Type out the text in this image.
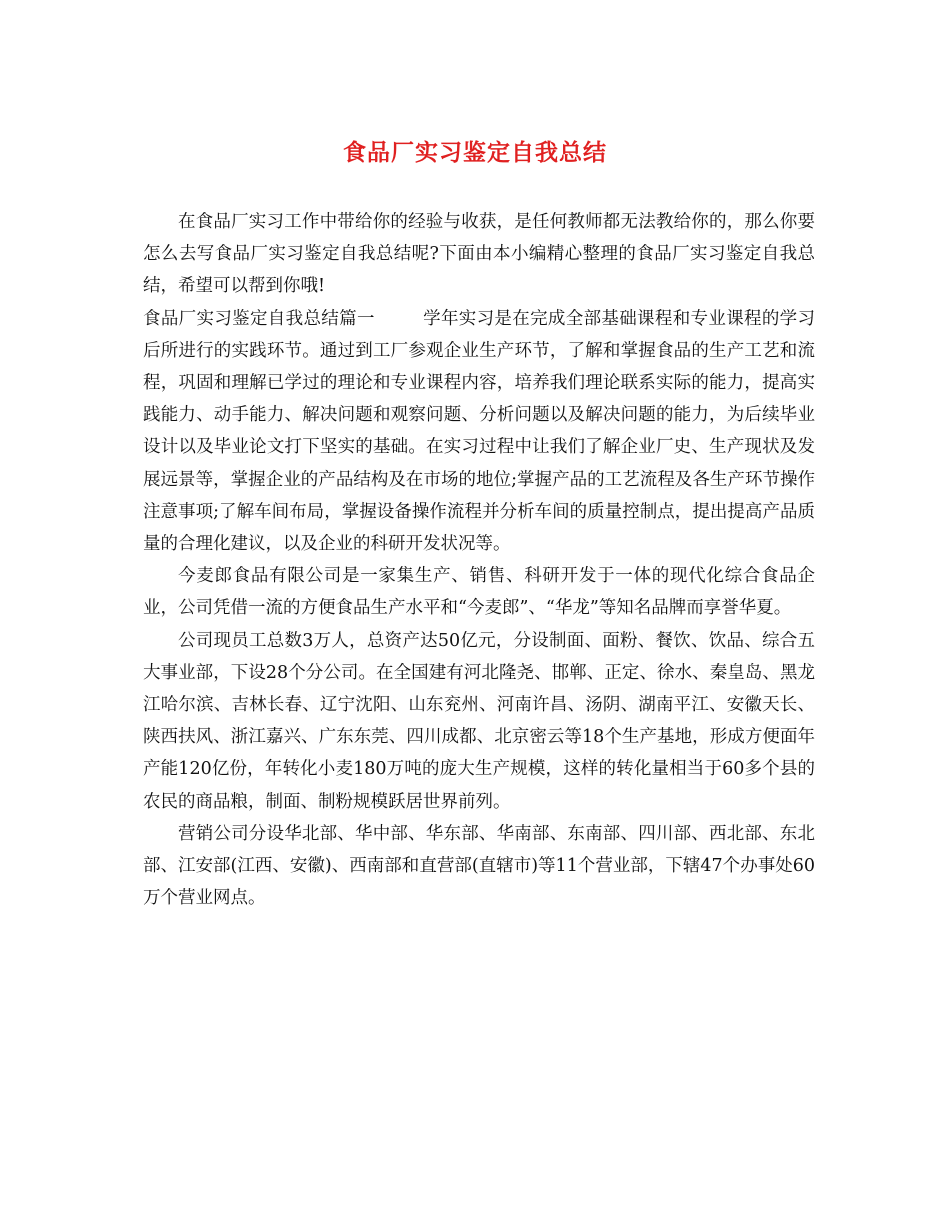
食品厂实习鉴定自我总结

在食品厂实习工作中带给你的经验与收获，是任何教师都无法教给你的，那么你要怎么去写食品厂实习鉴定自我总结呢?下面由本小编精心整理的食品厂实习鉴定自我总结，希望可以帮到你哦!

食品厂实习鉴定自我总结篇一	学年实习是在完成全部基础课程和专业课程的学习后所进行的实践环节。通过到工厂参观企业生产环节，了解和掌握食品的生产工艺和流程，巩固和理解已学过的理论和专业课程内容，培养我们理论联系实际的能力，提高实践能力、动手能力、解决问题和观察问题、分析问题以及解决问题的能力，为后续毕业设计以及毕业论文打下坚实的基础。在实习过程中让我们了解企业厂史、生产现状及发展远景等，掌握企业的产品结构及在市场的地位;掌握产品的工艺流程及各生产环节操作注意事项;了解车间布局，掌握设备操作流程并分析车间的质量控制点，提出提高产品质量的合理化建议，以及企业的科研开发状况等。

今麦郎食品有限公司是一家集生产、销售、科研开发于一体的现代化综合食品企业，公司凭借一流的方便食品生产水平和“今麦郎”、“华龙”等知名品牌而享誉华夏。

公司现员工总数3万人，总资产达50亿元，分设制面、面粉、餐饮、饮品、综合五大事业部，下设28个分公司。在全国建有河北隆尧、邯郸、正定、徐水、秦皇岛、黑龙江哈尔滨、吉林长春、辽宁沈阳、山东兖州、河南许昌、汤阴、湖南平江、安徽天长、陕西扶风、浙江嘉兴、广东东莞、四川成都、北京密云等18个生产基地，形成方便面年产能120亿份，年转化小麦180万吨的庞大生产规模，这样的转化量相当于60多个县的农民的商品粮，制面、制粉规模跃居世界前列。

营销公司分设华北部、华中部、华东部、华南部、东南部、四川部、西北部、东北部、江安部(江西、安徽)、西南部和直营部(直辖市)等11个营业部，下辖47个办事处60万个营业网点。
